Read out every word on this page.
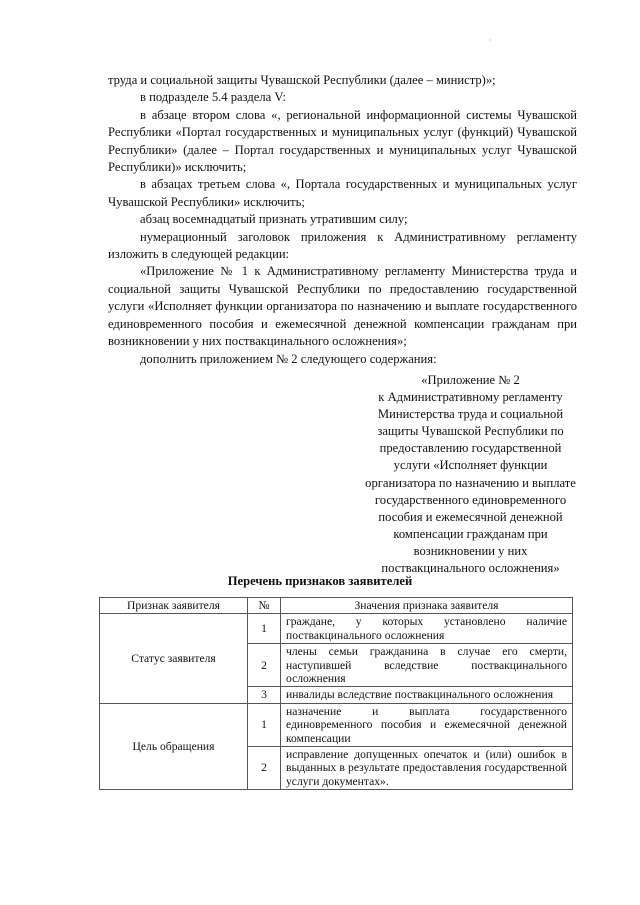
·

труда и социальной защиты Чувашской Республики (далее – министр)»;

в подразделе 5.4 раздела V:

в абзаце втором слова «, региональной информационной системы Чувашской Республики «Портал государственных и муниципальных услуг (функций) Чувашской Республики» (далее – Портал государственных и муниципальных услуг Чувашской Республики)» исключить;

в абзацах третьем слова «, Портала государственных и муниципальных услуг Чувашской Республики» исключить;

абзац восемнадцатый признать утратившим силу;

нумерационный заголовок приложения к Административному регламенту изложить в следующей редакции:

«Приложение № 1 к Административному регламенту Министерства труда и социальной защиты Чувашской Республики по предоставлению государственной услуги «Исполняет функции организатора по назначению и выплате государственного единовременного пособия и ежемесячной денежной компенсации гражданам при возникновении у них поствакцинального осложнения»;

дополнить приложением № 2 следующего содержания:

«Приложение № 2

к Административному регламенту Министерства труда и социальной защиты Чувашской Республики по предоставлению государственной услуги «Исполняет функции организатора по назначению и выплате государственного единовременного пособия и ежемесячной денежной компенсации гражданам при возникновении у них поствакцинального осложнения»

Перечень признаков заявителей
Признак заявителя	№	Значения признака заявителя
Статус заявителя	1	граждане, у которых установлено наличие поствакцинального осложнения
	2	члены семьи гражданина в случае его смерти, наступившей вследствие поствакцинального осложнения
	3	инвалиды вследствие поствакцинального осложнения
Цель обращения	1	назначение и выплата государственного единовременного пособия и ежемесячной денежной компенсации
	2	исправление допущенных опечаток и (или) ошибок в выданных в результате предоставления государственной услуги документах».
